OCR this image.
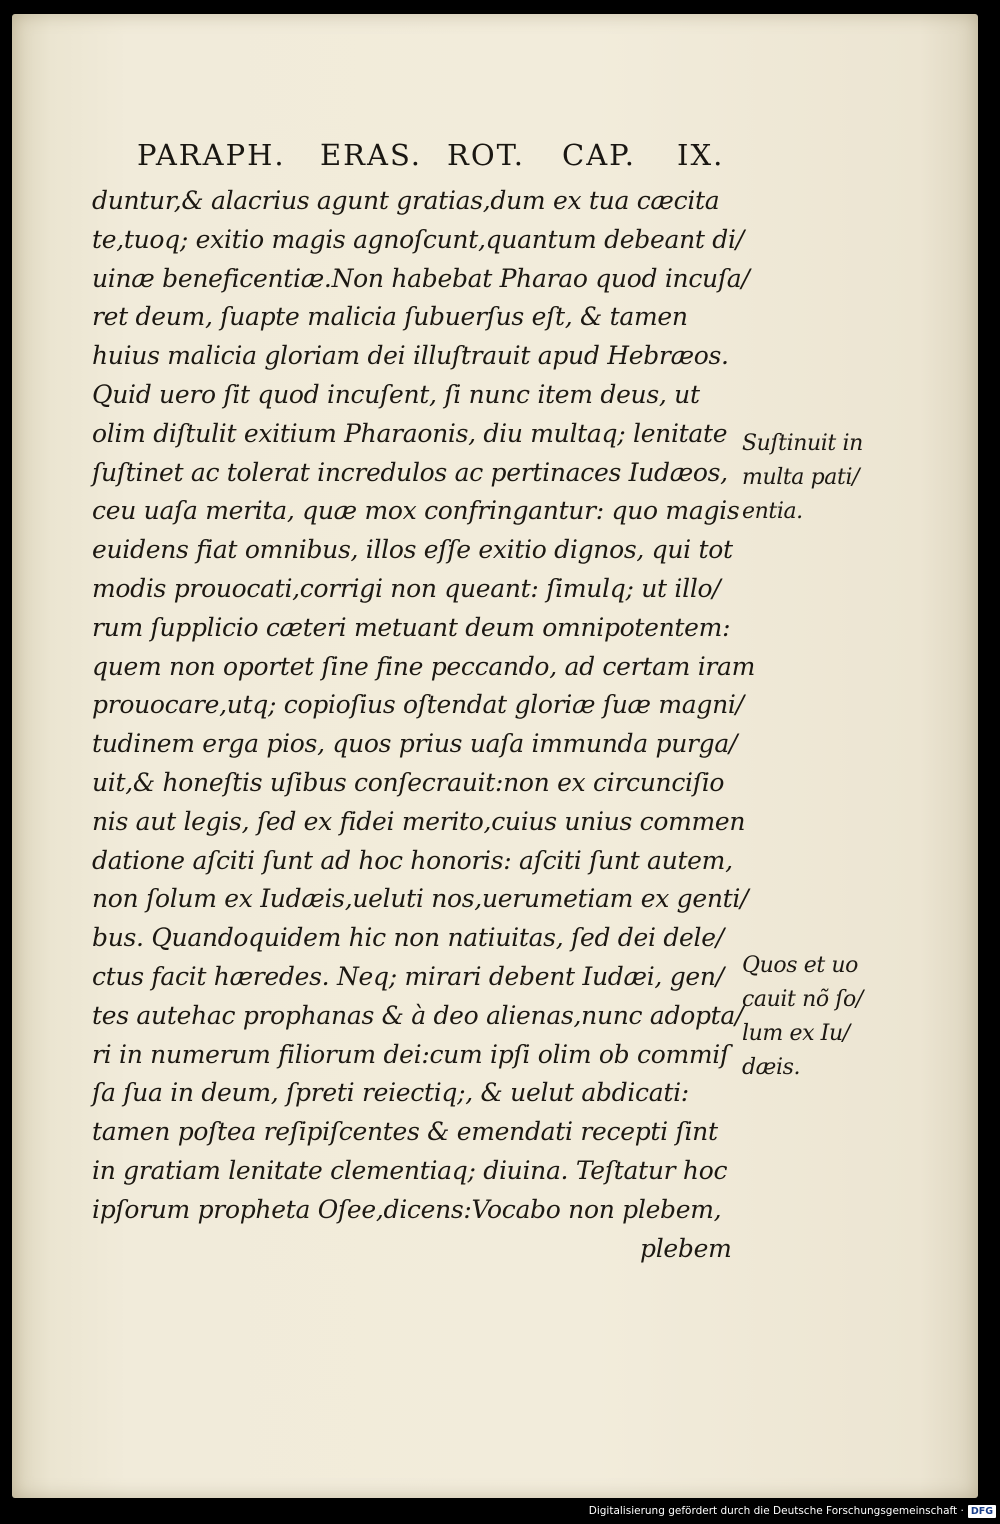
PARAPH. ERAS. ROT. CAP. IX.
duntur,& alacrius agunt gratias,dum ex tua cæcita
te,tuoq; exitio magis agnoſcunt,quantum debeant di/
uinæ beneficentiæ.Non habebat Pharao quod incuſa/
ret deum, ſuapte malicia ſubuerſus eſt, & tamen
huius malicia gloriam dei illuſtrauit apud Hebræos.
Quid uero ſit quod incuſent, ſi nunc item deus, ut
olim diſtulit exitium Pharaonis, diu multaq; lenitate
ſuſtinet ac tolerat incredulos ac pertinaces Iudæos,
ceu uaſa merita, quæ mox confringantur: quo magis
euidens fiat omnibus, illos eſſe exitio dignos, qui tot
modis prouocati,corrigi non queant: ſimulq; ut illo/
rum ſupplicio cæteri metuant deum omnipotentem:
quem non oportet ſine fine peccando, ad certam iram
prouocare,utq; copioſius oſtendat gloriæ ſuæ magni/
tudinem erga pios, quos prius uaſa immunda purga/
uit,& honeſtis uſibus conſecrauit:non ex circunciſio
nis aut legis, ſed ex fidei merito,cuius unius commen
datione aſciti ſunt ad hoc honoris: aſciti ſunt autem,
non ſolum ex Iudæis,ueluti nos,uerumetiam ex genti/
bus. Quandoquidem hic non natiuitas, ſed dei dele/
ctus facit hæredes. Neq; mirari debent Iudæi, gen/
tes autehac prophanas & à deo alienas,nunc adopta/
ri in numerum filiorum dei:cum ipſi olim ob commiſ
ſa ſua in deum, ſpreti reiectiq;, & uelut abdicati:
tamen poſtea reſipiſcentes & emendati recepti ſint
in gratiam lenitate clementiaq; diuina. Teſtatur hoc
ipſorum propheta Oſee,dicens:Vocabo non plebem,
plebem
Suſtinuit in
multa pati/
entia.
Quos et uo
cauit nõ ſo/
lum ex Iu/
dæis.
Digitalisierung gefördert durch die Deutsche Forschungsgemeinschaft · DFG
